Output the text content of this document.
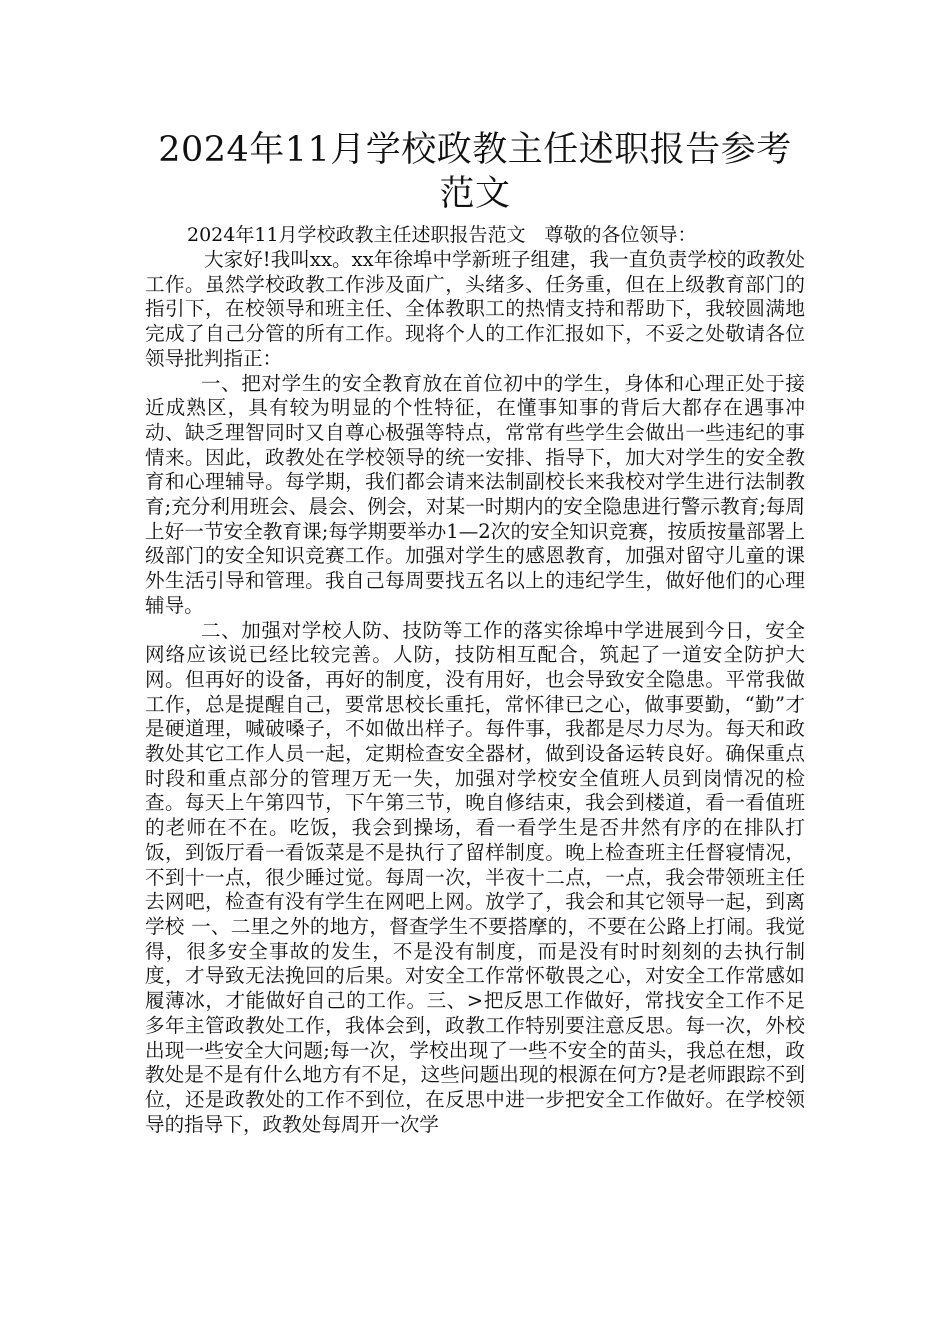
2024年11月学校政教主任述职报告参考范文

2024年11月学校政教主任述职报告范文　尊敬的各位领导：

大家好!我叫xx。xx年徐埠中学新班子组建，我一直负责学校的政教处工作。虽然学校政教工作涉及面广，头绪多、任务重，但在上级教育部门的指引下，在校领导和班主任、全体教职工的热情支持和帮助下，我较圆满地完成了自己分管的所有工作。现将个人的工作汇报如下，不妥之处敬请各位领导批判指正：

一、把对学生的安全教育放在首位初中的学生，身体和心理正处于接近成熟区，具有较为明显的个性特征，在懂事知事的背后大都存在遇事冲动、缺乏理智同时又自尊心极强等特点，常常有些学生会做出一些违纪的事情来。因此，政教处在学校领导的统一安排、指导下，加大对学生的安全教育和心理辅导。每学期，我们都会请来法制副校长来我校对学生进行法制教育;充分利用班会、晨会、例会，对某一时期内的安全隐患进行警示教育;每周上好一节安全教育课;每学期要举办1—2次的安全知识竞赛，按质按量部署上级部门的安全知识竞赛工作。加强对学生的感恩教育，加强对留守儿童的课外生活引导和管理。我自己每周要找五名以上的违纪学生，做好他们的心理辅导。

二、加强对学校人防、技防等工作的落实徐埠中学进展到今日，安全网络应该说已经比较完善。人防，技防相互配合，筑起了一道安全防护大网。但再好的设备，再好的制度，没有用好，也会导致安全隐患。平常我做工作，总是提醒自己，要常思校长重托，常怀律已之心，做事要勤，“勤”才是硬道理，喊破嗓子，不如做出样子。每件事，我都是尽力尽为。每天和政教处其它工作人员一起，定期检查安全器材，做到设备运转良好。确保重点时段和重点部分的管理万无一失，加强对学校安全值班人员到岗情况的检查。每天上午第四节，下午第三节，晚自修结束，我会到楼道，看一看值班的老师在不在。吃饭，我会到操场，看一看学生是否井然有序的在排队打饭，到饭厅看一看饭菜是不是执行了留样制度。晚上检查班主任督寝情况，不到十一点，很少睡过觉。每周一次，半夜十二点，一点，我会带领班主任去网吧，检查有没有学生在网吧上网。放学了，我会和其它领导一起，到离学校 一、二里之外的地方，督查学生不要搭摩的，不要在公路上打闹。我觉得，很多安全事故的发生，不是没有制度，而是没有时时刻刻的去执行制度，才导致无法挽回的后果。对安全工作常怀敬畏之心，对安全工作常感如履薄冰，才能做好自己的工作。三、>把反思工作做好，常找安全工作不足多年主管政教处工作，我体会到，政教工作特别要注意反思。每一次，外校出现一些安全大问题;每一次，学校出现了一些不安全的苗头，我总在想，政教处是不是有什么地方有不足，这些问题出现的根源在何方?是老师跟踪不到位，还是政教处的工作不到位，在反思中进一步把安全工作做好。在学校领导的指导下，政教处每周开一次学
